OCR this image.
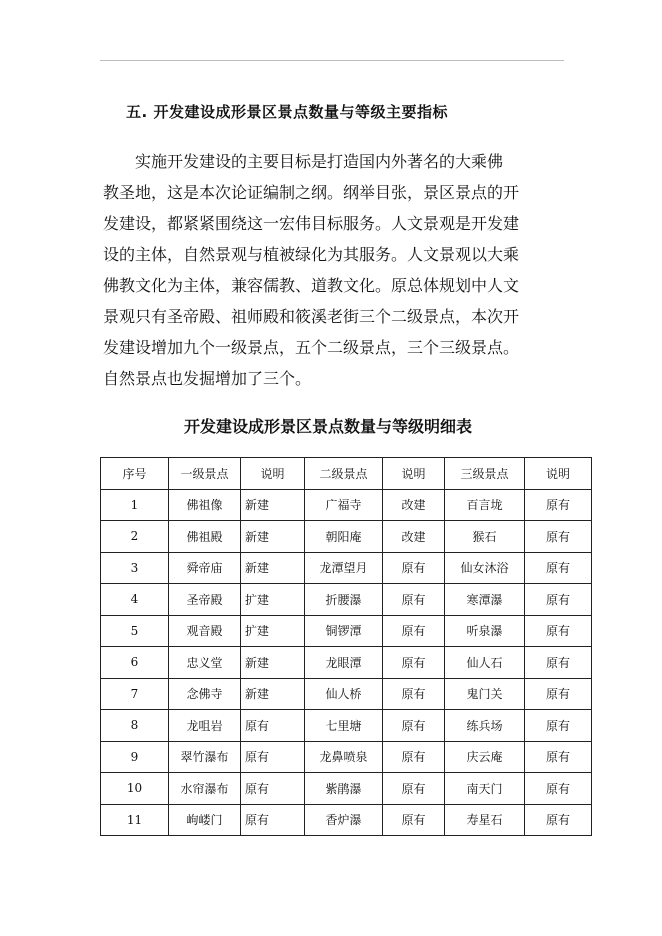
五. 开发建设成形景区景点数量与等级主要指标

实施开发建设的主要目标是打造国内外著名的大乘佛
教圣地，这是本次论证编制之纲。纲举目张，景区景点的开
发建设，都紧紧围绕这一宏伟目标服务。人文景观是开发建
设的主体，自然景观与植被绿化为其服务。人文景观以大乘
佛教文化为主体，兼容儒教、道教文化。原总体规划中人文
景观只有圣帝殿、祖师殿和筱溪老街三个二级景点，本次开
发建设增加九个一级景点，五个二级景点，三个三级景点。
自然景点也发掘增加了三个。

开发建设成形景区景点数量与等级明细表
序号	一级景点	说明	二级景点	说明	三级景点	说明
1	佛祖像	新建	广福寺	改建	百言垅	原有
2	佛祖殿	新建	朝阳庵	改建	猴石	原有
3	舜帝庙	新建	龙潭望月	原有	仙女沐浴	原有
4	圣帝殿	扩建	折腰瀑	原有	寒潭瀑	原有
5	观音殿	扩建	铜锣潭	原有	听泉瀑	原有
6	忠义堂	新建	龙眼潭	原有	仙人石	原有
7	念佛寺	新建	仙人桥	原有	鬼门关	原有
8	龙咀岩	原有	七里塘	原有	练兵场	原有
9	翠竹瀑布	原有	龙鼻喷泉	原有	庆云庵	原有
10	水帘瀑布	原有	紫鹃瀑	原有	南天门	原有
11	岣嵝门	原有	香炉瀑	原有	寿星石	原有
